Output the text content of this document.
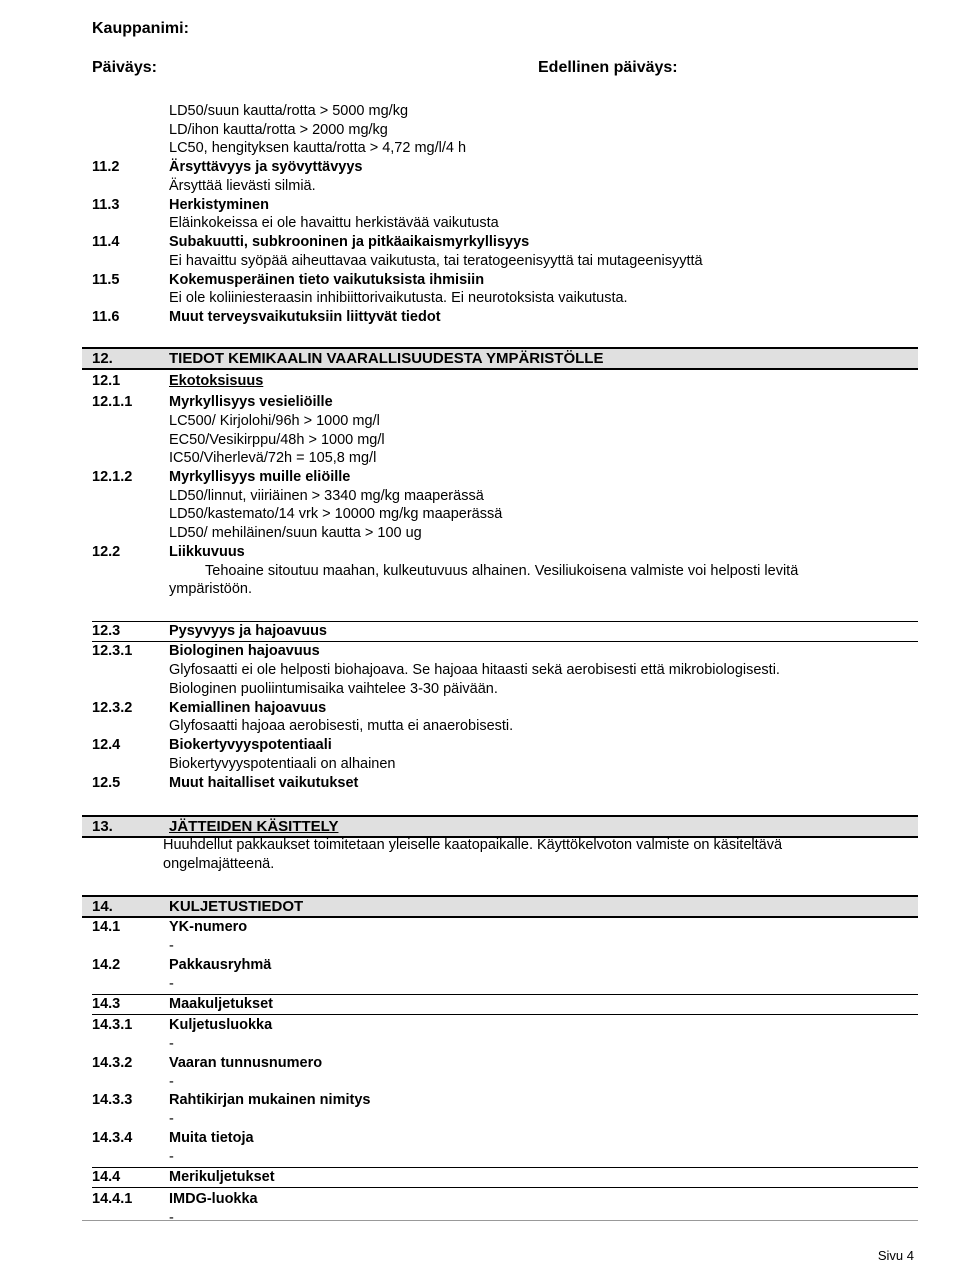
Kauppanimi:
Päiväys:	Edellinen päiväys:
LD50/suun kautta/rotta > 5000 mg/kg
LD/ihon kautta/rotta > 2000 mg/kg
LC50, hengityksen kautta/rotta > 4,72 mg/l/4 h
11.2	Ärsyttävyys ja syövyttävyys
Ärsyttää lievästi silmiä.
11.3	Herkistyminen
Eläinkokeissa ei ole havaittu herkistävää vaikutusta
11.4	Subakuutti, subkrooninen ja pitkäaikaismyrkyllisyys
Ei havaittu syöpää aiheuttavaa vaikutusta, tai teratogeenisyyttä tai mutageenisyyttä
11.5	Kokemusperäinen tieto vaikutuksista ihmisiin
Ei ole koliiniesteraasin inhibiittorivaikutusta. Ei neurotoksista vaikutusta.
11.6	Muut terveysvaikutuksiin liittyvät tiedot
12.	TIEDOT KEMIKAALIN VAARALLISUUDESTA YMPÄRISTÖLLE
12.1	Ekotoksisuus
12.1.1	Myrkyllisyys vesieliöille
LC500/ Kirjolohi/96h > 1000 mg/l
EC50/Vesikirppu/48h > 1000 mg/l
IC50/Viherlevä/72h = 105,8 mg/l
12.1.2	Myrkyllisyys muille eliöille
LD50/linnut, viiriäinen > 3340 mg/kg maaperässä
LD50/kastemato/14 vrk > 10000 mg/kg maaperässä
LD50/ mehiläinen/suun kautta > 100 ug
12.2	Liikkuvuus
Tehoaine sitoutuu maahan, kulkeutuvuus alhainen. Vesiliukoisena valmiste voi helposti levitä
ympäristöön.
12.3	Pysyvyys ja hajoavuus
12.3.1	Biologinen hajoavuus
Glyfosaatti ei ole helposti biohajoava. Se hajoaa hitaasti sekä aerobisesti että mikrobiologisesti.
Biologinen puoliintumisaika vaihtelee 3-30 päivään.
12.3.2	Kemiallinen hajoavuus
Glyfosaatti hajoaa aerobisesti, mutta ei anaerobisesti.
12.4	Biokertyvyyspotentiaali
Biokertyvyyspotentiaali on alhainen
12.5	Muut haitalliset vaikutukset
13.	JÄTTEIDEN KÄSITTELY
Huuhdellut pakkaukset toimitetaan yleiselle kaatopaikalle. Käyttökelvoton valmiste on käsiteltävä
ongelmajätteenä.
14.	KULJETUSTIEDOT
14.1	YK-numero
-
14.2	Pakkausryhmä
-
14.3	Maakuljetukset
14.3.1	Kuljetusluokka
-
14.3.2	Vaaran tunnusnumero
-
14.3.3	Rahtikirjan mukainen nimitys
-
14.3.4	Muita tietoja
-
14.4	Merikuljetukset
14.4.1	IMDG-luokka
-
Sivu 4
